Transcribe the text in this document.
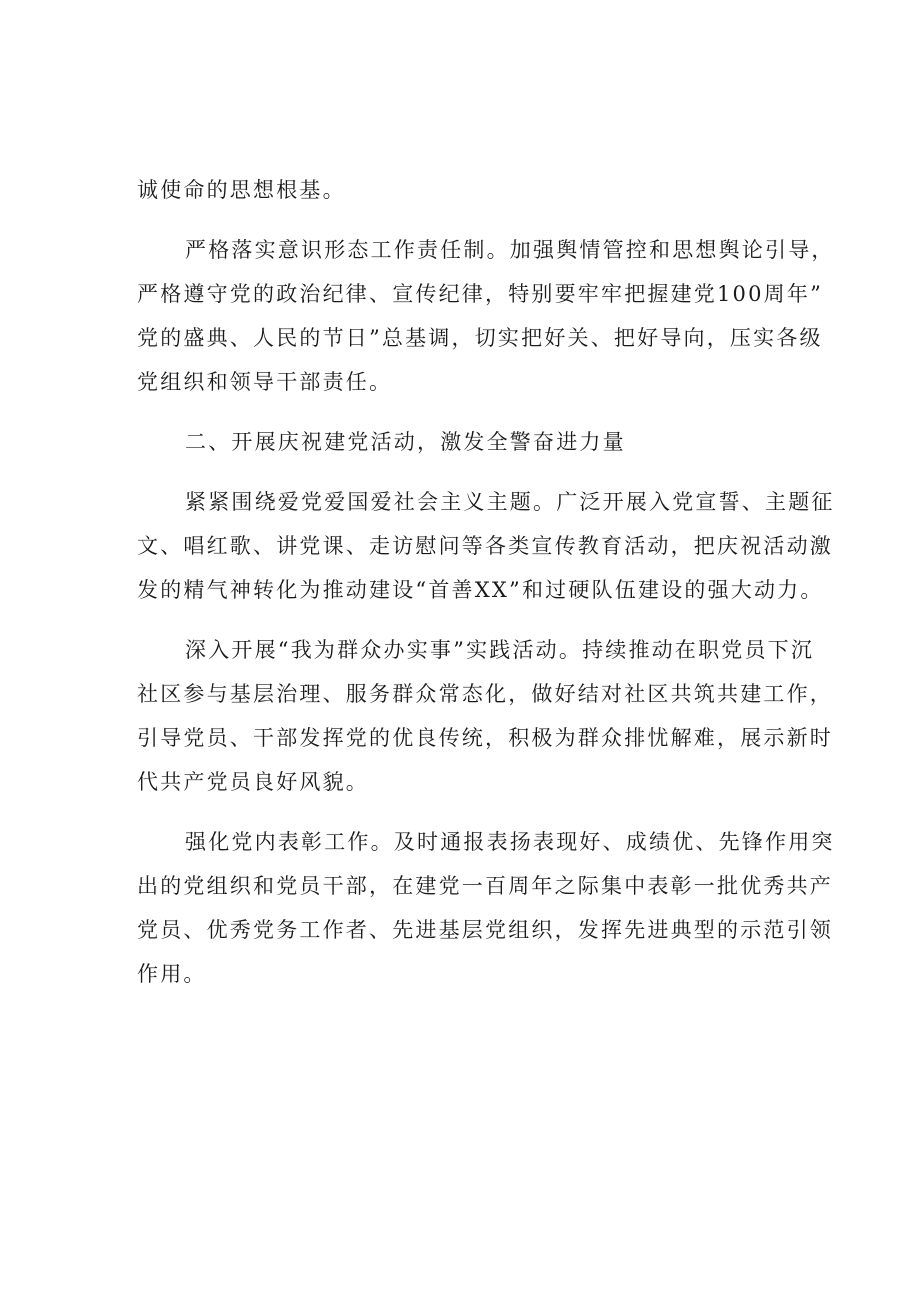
诚使命的思想根基。
严格落实意识形态工作责任制。加强舆情管控和思想舆论引导，
严格遵守党的政治纪律、宣传纪律，特别要牢牢把握建党100周年”
党的盛典、人民的节日”总基调，切实把好关、把好导向，压实各级
党组织和领导干部责任。
二、开展庆祝建党活动，激发全警奋进力量
紧紧围绕爱党爱国爱社会主义主题。广泛开展入党宣誓、主题征
文、唱红歌、讲党课、走访慰问等各类宣传教育活动，把庆祝活动激
发的精气神转化为推动建设“首善XX”和过硬队伍建设的强大动力。
深入开展“我为群众办实事”实践活动。持续推动在职党员下沉
社区参与基层治理、服务群众常态化，做好结对社区共筑共建工作，
引导党员、干部发挥党的优良传统，积极为群众排忧解难，展示新时
代共产党员良好风貌。
强化党内表彰工作。及时通报表扬表现好、成绩优、先锋作用突
出的党组织和党员干部，在建党一百周年之际集中表彰一批优秀共产
党员、优秀党务工作者、先进基层党组织，发挥先进典型的示范引领
作用。
